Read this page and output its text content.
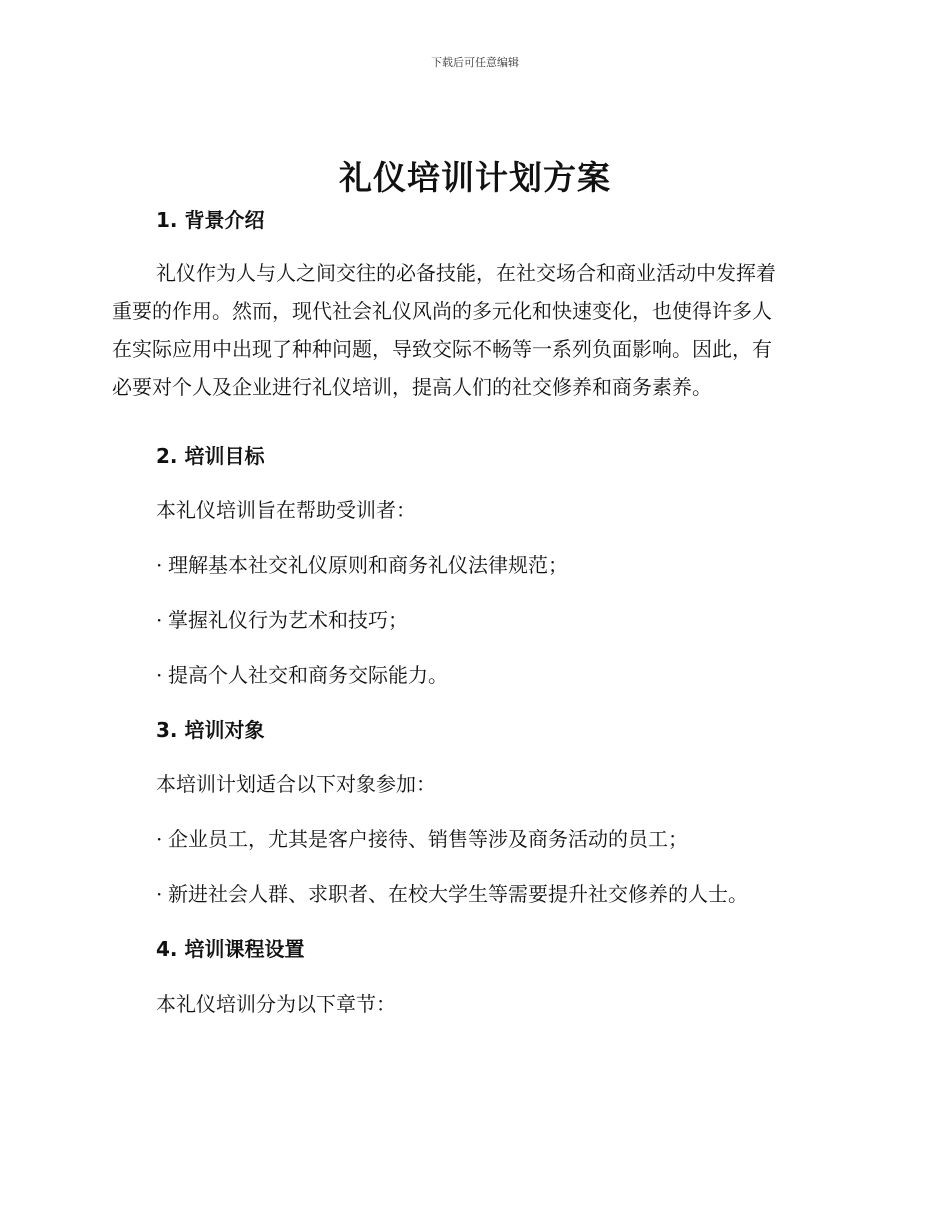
下载后可任意编辑
礼仪培训计划方案
1. 背景介绍
礼仪作为人与人之间交往的必备技能，在社交场合和商业活动中发挥着
重要的作用。然而，现代社会礼仪风尚的多元化和快速变化，也使得许多人
在实际应用中出现了种种问题，导致交际不畅等一系列负面影响。因此，有
必要对个人及企业进行礼仪培训，提高人们的社交修养和商务素养。
2. 培训目标

本礼仪培训旨在帮助受训者：

· 理解基本社交礼仪原则和商务礼仪法律规范；

· 掌握礼仪行为艺术和技巧；

· 提高个人社交和商务交际能力。

3. 培训对象

本培训计划适合以下对象参加：

· 企业员工，尤其是客户接待、销售等涉及商务活动的员工；

· 新进社会人群、求职者、在校大学生等需要提升社交修养的人士。

4. 培训课程设置

本礼仪培训分为以下章节：
